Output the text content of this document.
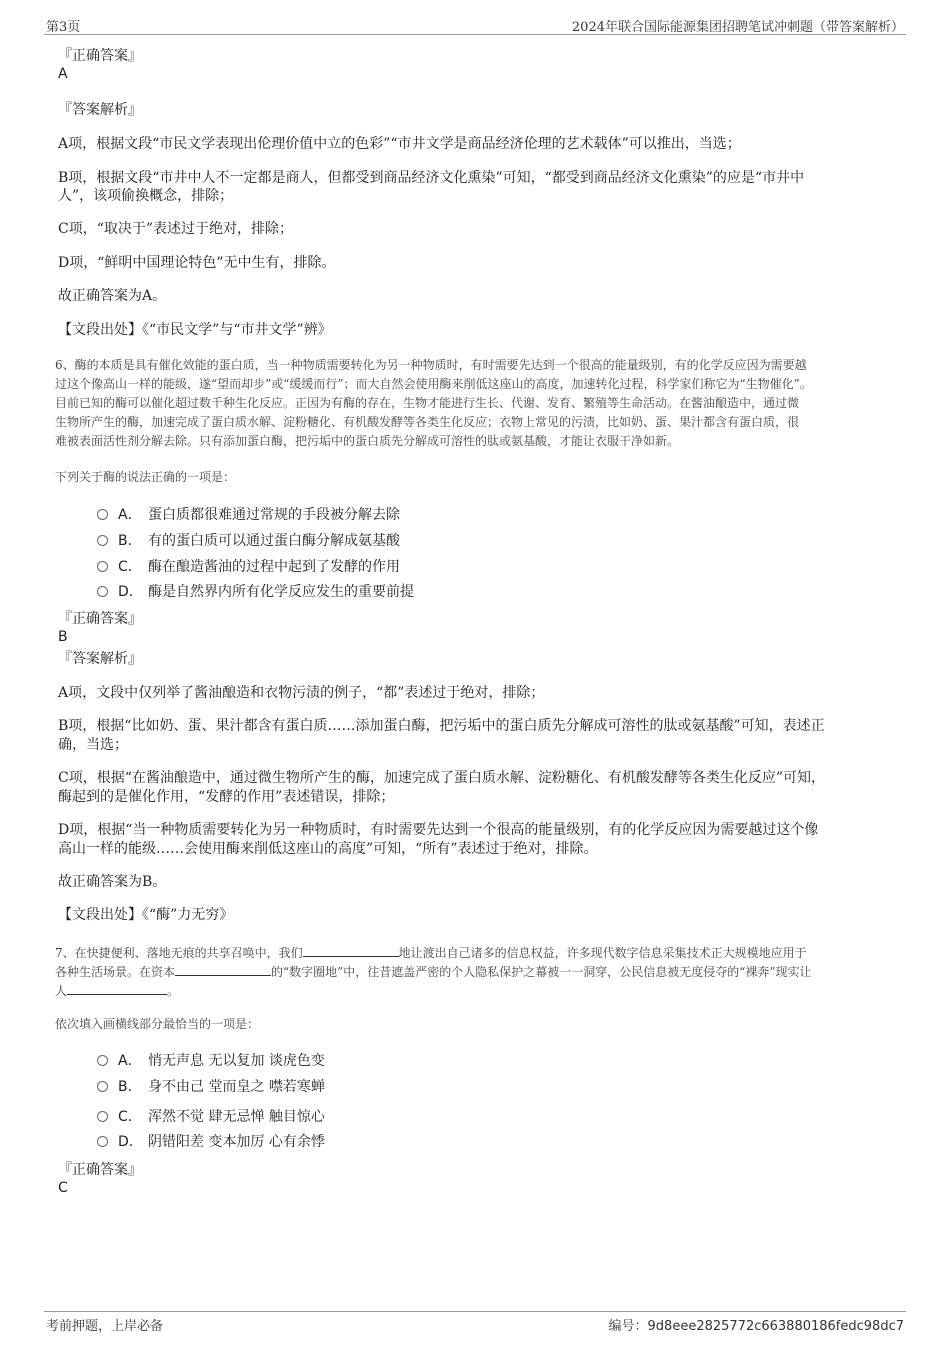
第3页	2024年联合国际能源集团招聘笔试冲刺题（带答案解析）
『正确答案』
A
『答案解析』
A项，根据文段“市民文学表现出伦理价值中立的色彩”“市井文学是商品经济伦理的艺术载体”可以推出，当选；
B项，根据文段“市井中人不一定都是商人，但都受到商品经济文化熏染”可知，“都受到商品经济文化熏染”的应是“市井中
人”，该项偷换概念，排除；
C项，“取决于”表述过于绝对，排除；
D项，“鲜明中国理论特色”无中生有，排除。
故正确答案为A。
【文段出处】《“市民文学”与“市井文学”辨》
6、酶的本质是具有催化效能的蛋白质，当一种物质需要转化为另一种物质时，有时需要先达到一个很高的能量级别，有的化学反应因为需要越
过这个像高山一样的能级，遂“望而却步”或“缓缓而行”；而大自然会使用酶来削低这座山的高度，加速转化过程，科学家们称它为“生物催化”。
目前已知的酶可以催化超过数千种生化反应。正因为有酶的存在，生物才能进行生长、代谢、发育、繁殖等生命活动。在酱油酿造中，通过微
生物所产生的酶，加速完成了蛋白质水解、淀粉糖化、有机酸发酵等各类生化反应；衣物上常见的污渍，比如奶、蛋、果汁都含有蛋白质，很
难被表面活性剂分解去除。只有添加蛋白酶，把污垢中的蛋白质先分解成可溶性的肽或氨基酸，才能让衣服干净如新。
下列关于酶的说法正确的一项是：
A． 蛋白质都很难通过常规的手段被分解去除
B． 有的蛋白质可以通过蛋白酶分解成氨基酸
C． 酶在酿造酱油的过程中起到了发酵的作用
D． 酶是自然界内所有化学反应发生的重要前提
『正确答案』
B
『答案解析』
A项，文段中仅列举了酱油酿造和衣物污渍的例子，“都”表述过于绝对，排除；
B项，根据“比如奶、蛋、果汁都含有蛋白质……添加蛋白酶，把污垢中的蛋白质先分解成可溶性的肽或氨基酸”可知，表述正
确，当选；
C项，根据“在酱油酿造中，通过微生物所产生的酶，加速完成了蛋白质水解、淀粉糖化、有机酸发酵等各类生化反应”可知，
酶起到的是催化作用，“发酵的作用”表述错误，排除；
D项，根据“当一种物质需要转化为另一种物质时，有时需要先达到一个很高的能量级别，有的化学反应因为需要越过这个像
高山一样的能级……会使用酶来削低这座山的高度”可知，“所有”表述过于绝对，排除。
故正确答案为B。
【文段出处】《“酶”力无穷》
7、在快捷便利、落地无痕的共享召唤中，我们	地让渡出自己诸多的信息权益，许多现代数字信息采集技术正大规模地应用于
各种生活场景。在资本	的“数字圈地”中，往昔遮盖严密的个人隐私保护之幕被一一洞穿，公民信息被无度侵夺的“裸奔”现实让
人	。
依次填入画横线部分最恰当的一项是：
A． 悄无声息 无以复加 谈虎色变
B． 身不由己 堂而皇之 噤若寒蝉
C． 浑然不觉 肆无忌惮 触目惊心
D． 阴错阳差 变本加厉 心有余悸
『正确答案』
C
考前押题，上岸必备	编号：9d8eee2825772c663880186fedc98dc7
